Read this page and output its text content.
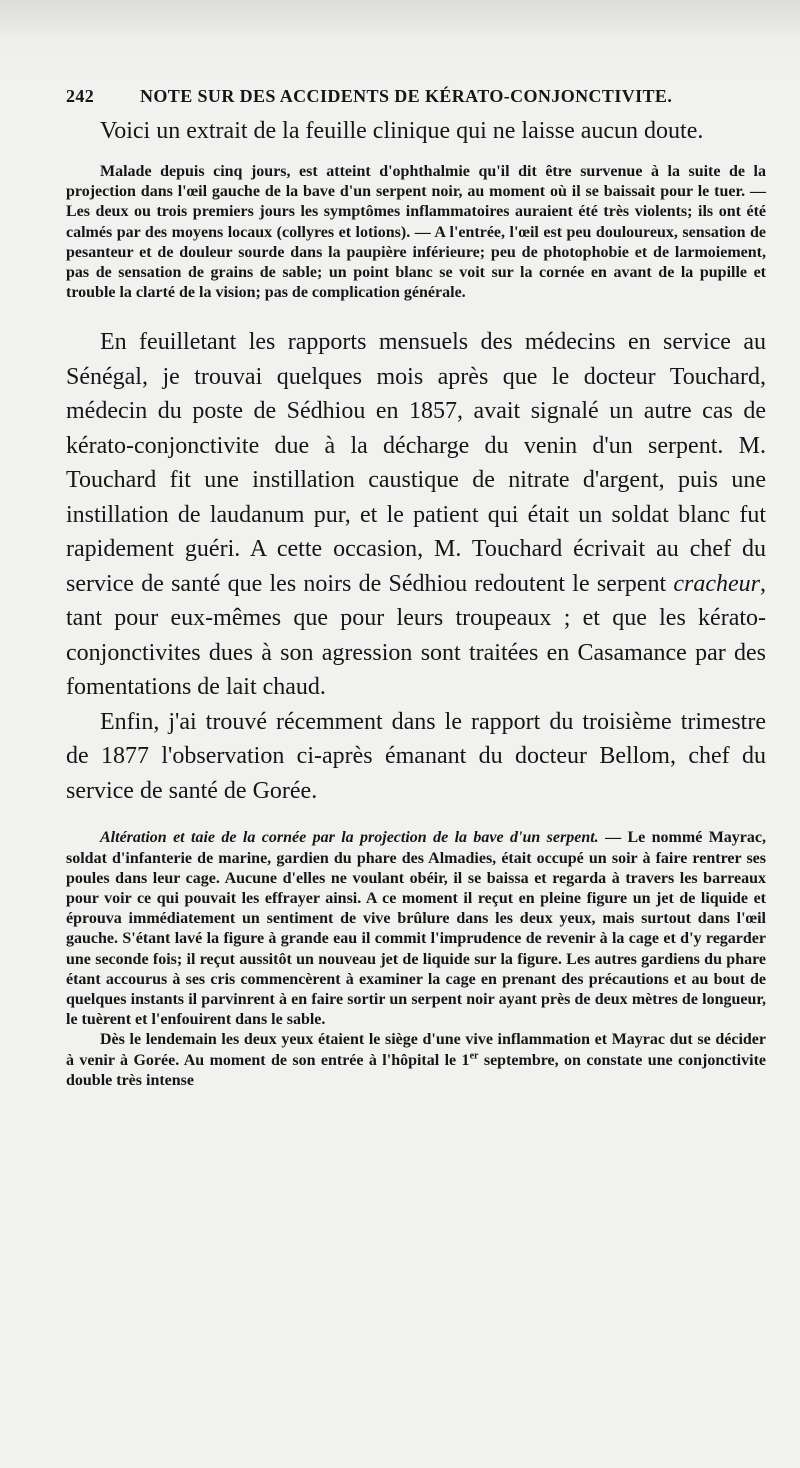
242	NOTE SUR DES ACCIDENTS DE KÉRATO-CONJONCTIVITE.

Voici un extrait de la feuille clinique qui ne laisse aucun doute.

Malade depuis cinq jours, est atteint d'ophthalmie qu'il dit être survenue à la suite de la projection dans l'œil gauche de la bave d'un serpent noir, au moment où il se baissait pour le tuer. — Les deux ou trois premiers jours les symptômes inflammatoires auraient été très violents; ils ont été calmés par des moyens locaux (collyres et lotions). — A l'entrée, l'œil est peu douloureux, sensation de pesanteur et de douleur sourde dans la paupière inférieure; peu de photophobie et de larmoiement, pas de sensation de grains de sable; un point blanc se voit sur la cornée en avant de la pupille et trouble la clarté de la vision; pas de complication générale.

En feuilletant les rapports mensuels des médecins en service au Sénégal, je trouvai quelques mois après que le docteur Touchard, médecin du poste de Sédhiou en 1857, avait signalé un autre cas de kérato-conjonctivite due à la décharge du venin d'un serpent. M. Touchard fit une instillation caustique de nitrate d'argent, puis une instillation de laudanum pur, et le patient qui était un soldat blanc fut rapidement guéri. A cette occasion, M. Touchard écrivait au chef du service de santé que les noirs de Sédhiou redoutent le serpent cracheur, tant pour eux-mêmes que pour leurs troupeaux ; et que les kérato-conjonctivites dues à son agression sont traitées en Casamance par des fomentations de lait chaud.

Enfin, j'ai trouvé récemment dans le rapport du troisième trimestre de 1877 l'observation ci-après émanant du docteur Bellom, chef du service de santé de Gorée.

Altération et taie de la cornée par la projection de la bave d'un serpent. — Le nommé Mayrac, soldat d'infanterie de marine, gardien du phare des Almadies, était occupé un soir à faire rentrer ses poules dans leur cage. Aucune d'elles ne voulant obéir, il se baissa et regarda à travers les barreaux pour voir ce qui pouvait les effrayer ainsi. A ce moment il reçut en pleine figure un jet de liquide et éprouva immédiatement un sentiment de vive brûlure dans les deux yeux, mais surtout dans l'œil gauche. S'étant lavé la figure à grande eau il commit l'imprudence de revenir à la cage et d'y regarder une seconde fois; il reçut aussitôt un nouveau jet de liquide sur la figure. Les autres gardiens du phare étant accourus à ses cris commencèrent à examiner la cage en prenant des précautions et au bout de quelques instants il parvinrent à en faire sortir un serpent noir ayant près de deux mètres de longueur, le tuèrent et l'enfouirent dans le sable.

Dès le lendemain les deux yeux étaient le siège d'une vive inflammation et Mayrac dut se décider à venir à Gorée. Au moment de son entrée à l'hôpital le 1er septembre, on constate une conjonctivite double très intense
